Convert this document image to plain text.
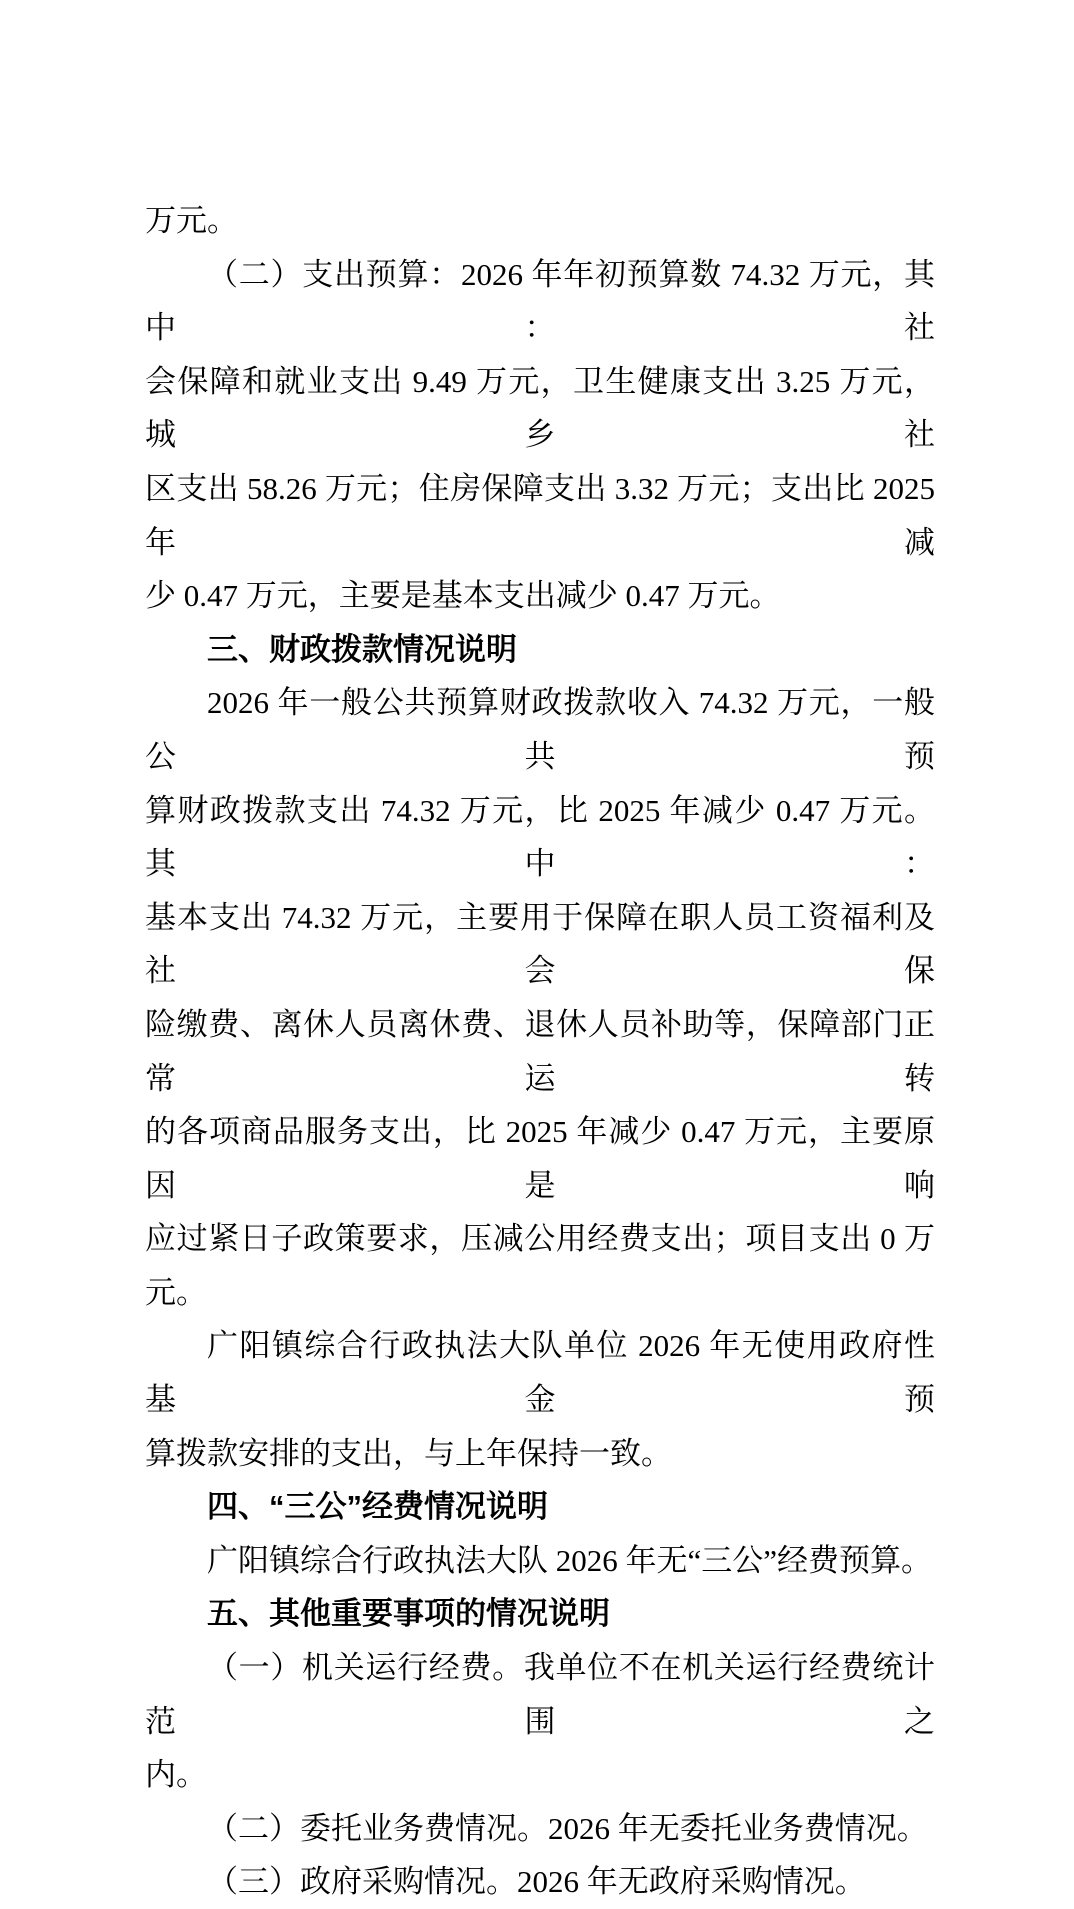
万元。
（二）支出预算：2026 年年初预算数 74.32 万元，其中：社
会保障和就业支出 9.49 万元，卫生健康支出 3.25 万元，城乡社
区支出 58.26 万元；住房保障支出 3.32 万元；支出比 2025 年减
少 0.47 万元，主要是基本支出减少 0.47 万元。
三、财政拨款情况说明
2026 年一般公共预算财政拨款收入 74.32 万元，一般公共预
算财政拨款支出 74.32 万元，比 2025 年减少 0.47 万元。其中：
基本支出 74.32 万元，主要用于保障在职人员工资福利及社会保
险缴费、离休人员离休费、退休人员补助等，保障部门正常运转
的各项商品服务支出，比 2025 年减少 0.47 万元，主要原因是响
应过紧日子政策要求，压减公用经费支出；项目支出 0 万元。
广阳镇综合行政执法大队单位 2026 年无使用政府性基金预
算拨款安排的支出，与上年保持一致。
四、“三公”经费情况说明
广阳镇综合行政执法大队 2026 年无“三公”经费预算。
五、其他重要事项的情况说明
（一）机关运行经费。我单位不在机关运行经费统计范围之
内。
（二）委托业务费情况。2026 年无委托业务费情况。
（三）政府采购情况。2026 年无政府采购情况。
